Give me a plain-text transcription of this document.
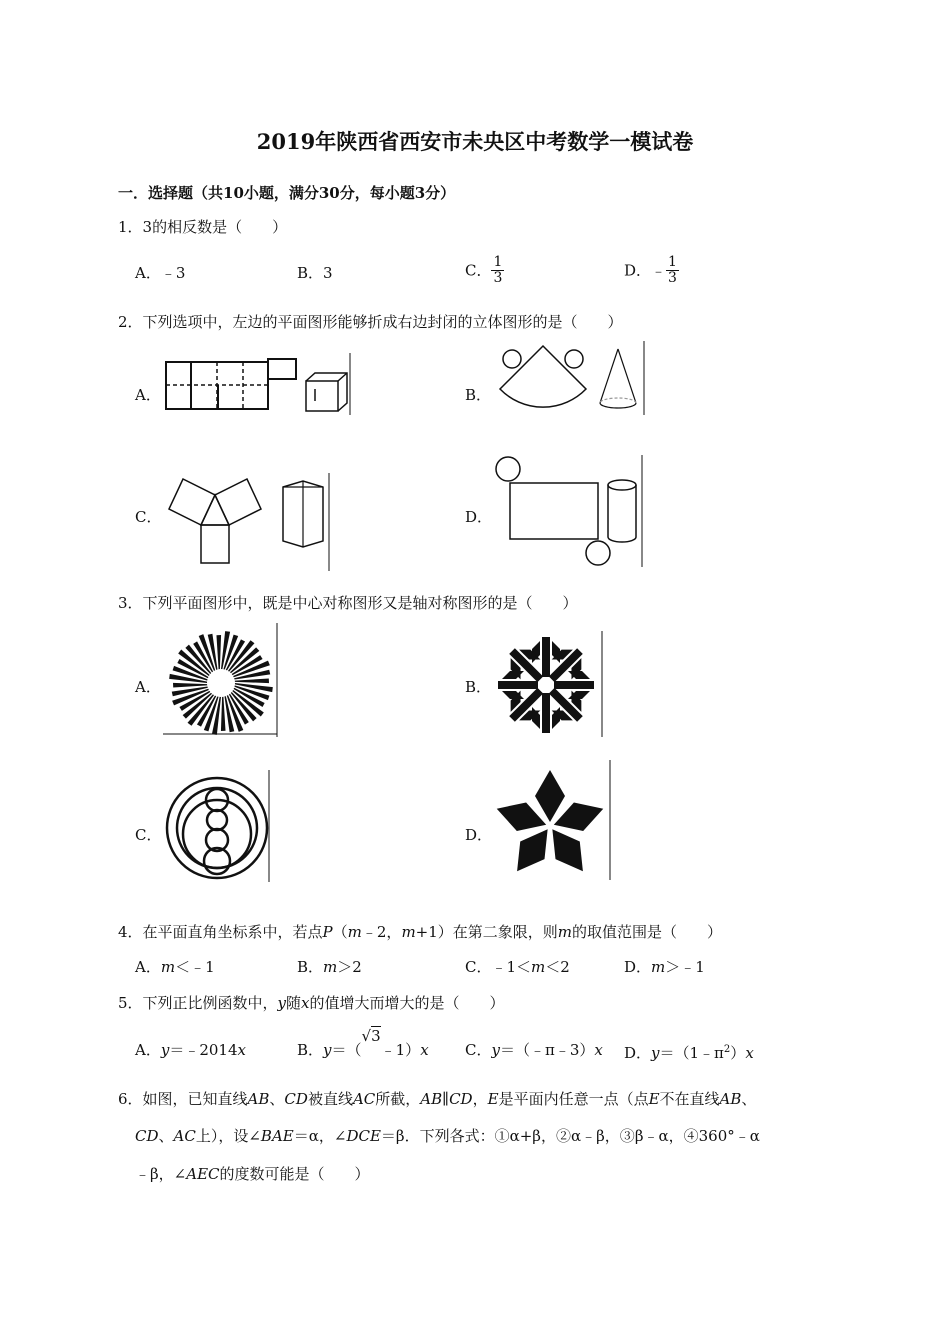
2019年陕西省西安市未央区中考数学一模试卷
一．选择题（共10小题，满分30分，每小题3分）
1．3的相反数是（　　）
A．﹣3	B．3	C． $\frac{1}{3}$	D．﹣ $\frac{1}{3}$
2．下列选项中，左边的平面图形能够折成右边封闭的立体图形的是（　　）
A．	B．
C．	D．
3．下列平面图形中，既是中心对称图形又是轴对称图形的是（　　）
A．	B．
C．	D．
4．在平面直角坐标系中，若点P（m﹣2，m+1）在第二象限，则m的取值范围是（　　）
A．m＜﹣1	B．m＞2	C．﹣1＜m＜2	D．m＞﹣1
5．下列正比例函数中，y随x的值增大而增大的是（　　）
A．y＝﹣2014x	B．y＝（√3﹣1）x C．y＝（﹣π﹣3）x D．$y=(1﹣\pi^2)x$
6．如图，已知直线AB、CD被直线AC所截，AB∥CD，E是平面内任意一点（点E不在直线AB、
CD、AC上），设∠BAE＝α，∠DCE＝β．下列各式：①α+β，②α﹣β，③β﹣α，④360°﹣α
﹣β，∠AEC的度数可能是（　　）
